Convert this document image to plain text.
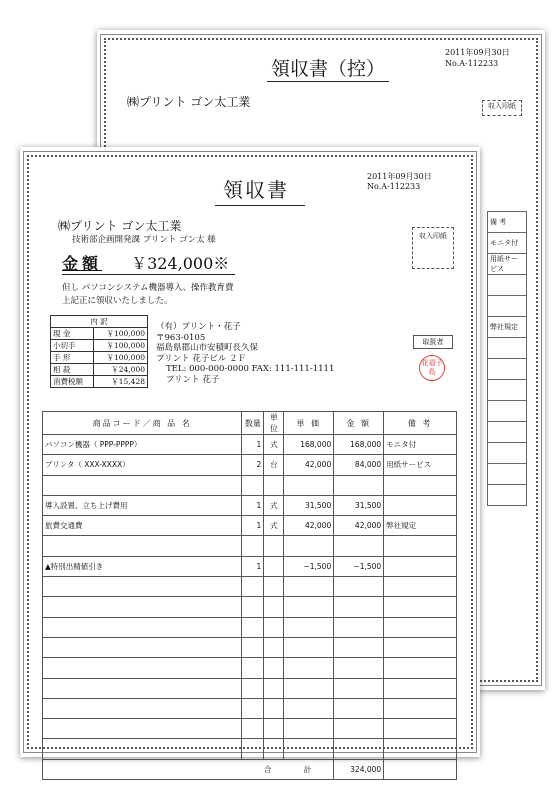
領収書（控）
2011年09月30日
No.A-112233
㈱プリント ゴン太工業	収入印紙
備 考
モニタ付
用紙サービス

弊社規定

領収書
2011年09月30日
No.A-112233
㈱プリント ゴン太工業
技術部企画開発課 プリント ゴン太 様
金額 ￥324,000※
但し パソコンシステム機器導入、操作教育費
上記正に領収いたしました。
収入印紙
内 訳	
現 金	￥100,000
小切手	￥100,000
手 形	￥100,000
相 殺	￥24,000
消費税額	￥15,428
（有）プリント・花子
〒963-0105
福島県郡山市安積町長久保
プリント 花子ビル ２Ｆ
TEL: 000-000-0000 FAX: 111-111-1111
プリント 花子
取扱者
花福子島
商品コード／商 品 名	数量	単位	単 価	金 額	備 考
パソコン機器（ PPP-PPPP）	1	式	168,000	168,000	モニタ付
プリンタ（ XXX-XXXX）	2	台	42,000	84,000	用紙サービス

導入設置、立ち上げ費用	1	式	31,500	31,500	
旅費交通費	1	式	42,000	42,000	弊社規定

▲特別出精値引き	1		−1,500	−1,500	

	合 計			324,000	
